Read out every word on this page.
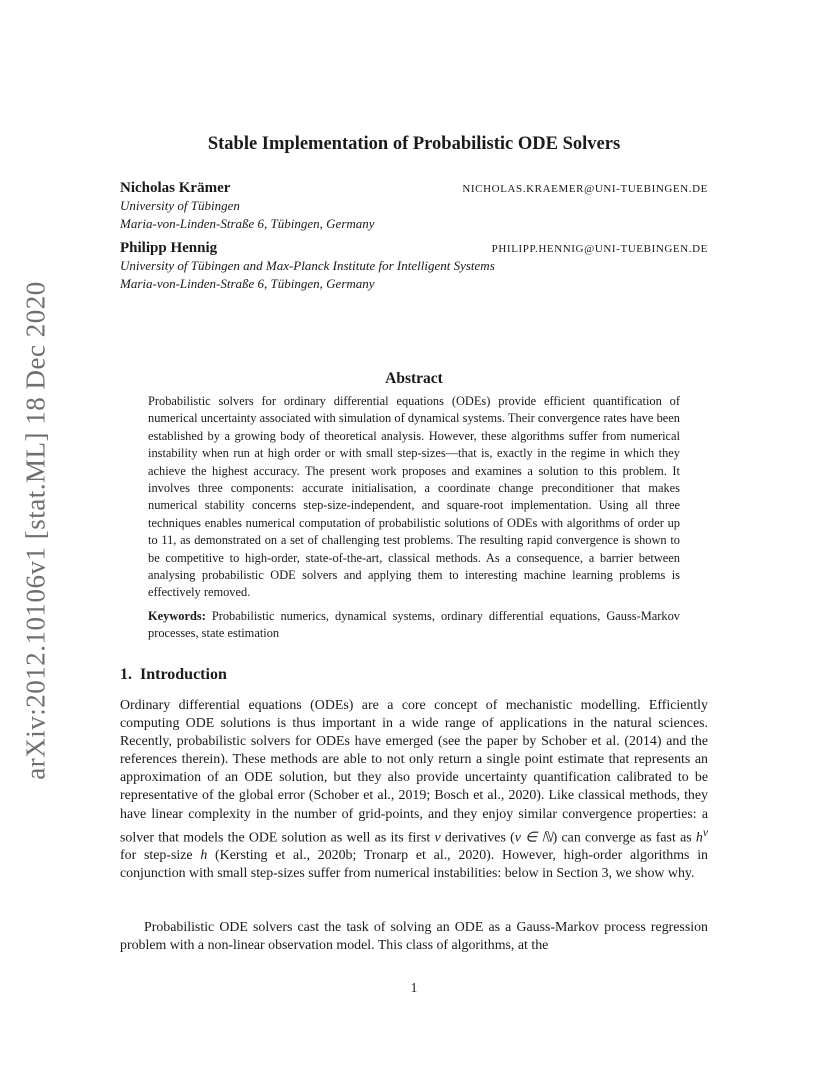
arXiv:2012.10106v1 [stat.ML] 18 Dec 2020
Stable Implementation of Probabilistic ODE Solvers
Nicholas Krämer	NICHOLAS.KRAEMER@UNI-TUEBINGEN.DE
University of Tübingen
Maria-von-Linden-Straße 6, Tübingen, Germany
Philipp Hennig	PHILIPP.HENNIG@UNI-TUEBINGEN.DE
University of Tübingen and Max-Planck Institute for Intelligent Systems
Maria-von-Linden-Straße 6, Tübingen, Germany
Abstract
Probabilistic solvers for ordinary differential equations (ODEs) provide efficient quantification of numerical uncertainty associated with simulation of dynamical systems. Their convergence rates have been established by a growing body of theoretical analysis. However, these algorithms suffer from numerical instability when run at high order or with small step-sizes—that is, exactly in the regime in which they achieve the highest accuracy. The present work proposes and examines a solution to this problem. It involves three components: accurate initialisation, a coordinate change preconditioner that makes numerical stability concerns step-size-independent, and square-root implementation. Using all three techniques enables numerical computation of probabilistic solutions of ODEs with algorithms of order up to 11, as demonstrated on a set of challenging test problems. The resulting rapid convergence is shown to be competitive to high-order, state-of-the-art, classical methods. As a consequence, a barrier between analysing probabilistic ODE solvers and applying them to interesting machine learning problems is effectively removed.
Keywords: Probabilistic numerics, dynamical systems, ordinary differential equations, Gauss-Markov processes, state estimation
1. Introduction
Ordinary differential equations (ODEs) are a core concept of mechanistic modelling. Efficiently computing ODE solutions is thus important in a wide range of applications in the natural sciences. Recently, probabilistic solvers for ODEs have emerged (see the paper by Schober et al. (2014) and the references therein). These methods are able to not only return a single point estimate that represents an approximation of an ODE solution, but they also provide uncertainty quantification calibrated to be representative of the global error (Schober et al., 2019; Bosch et al., 2020). Like classical methods, they have linear complexity in the number of grid-points, and they enjoy similar convergence properties: a solver that models the ODE solution as well as its first ν derivatives (ν ∈ ℕ) can converge as fast as $h^\nu$ for step-size h (Kersting et al., 2020b; Tronarp et al., 2020). However, high-order algorithms in conjunction with small step-sizes suffer from numerical instabilities: below in Section 3, we show why.
Probabilistic ODE solvers cast the task of solving an ODE as a Gauss-Markov process regression problem with a non-linear observation model. This class of algorithms, at the
1
